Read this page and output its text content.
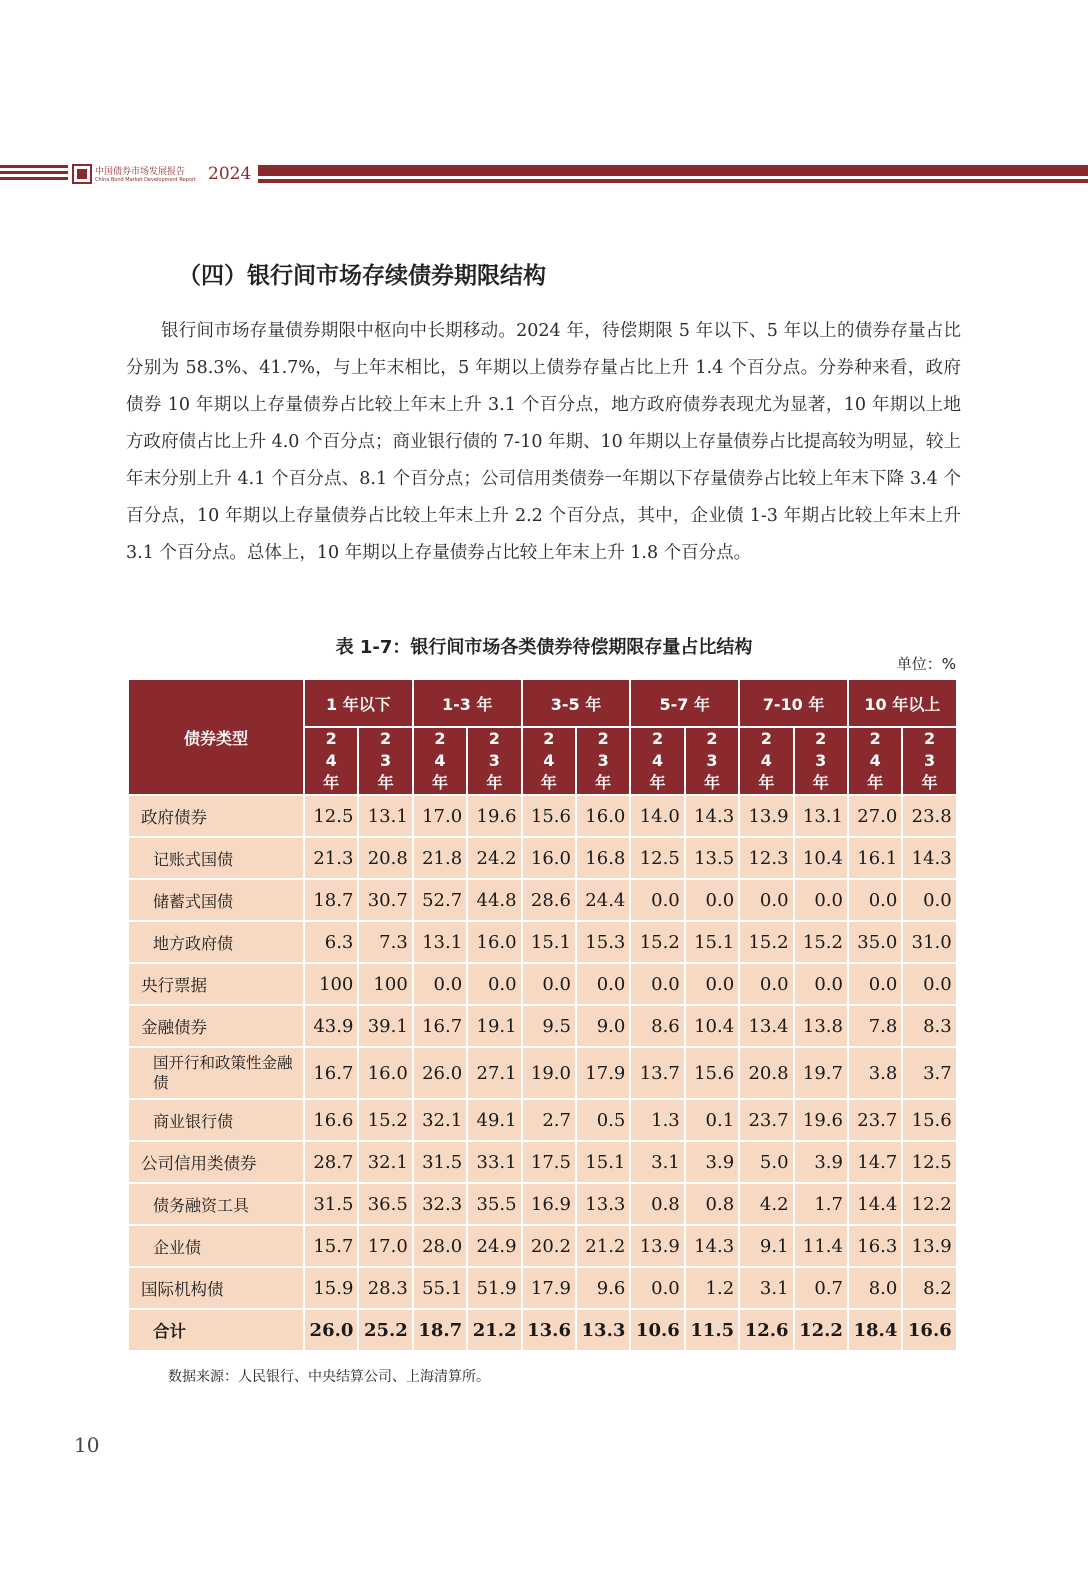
中国债券市场发展报告
China Bond Market Development Report 2024
（四）银行间市场存续债券期限结构

银行间市场存量债券期限中枢向中长期移动。2024 年，待偿期限 5 年以下、5 年以上的债券存量占比分别为 58.3%、41.7%，与上年末相比，5 年期以上债券存量占比上升 1.4 个百分点。分券种来看，政府债券 10 年期以上存量债券占比较上年末上升 3.1 个百分点，地方政府债券表现尤为显著，10 年期以上地方政府债占比上升 4.0 个百分点；商业银行债的 7-10 年期、10 年期以上存量债券占比提高较为明显，较上年末分别上升 4.1 个百分点、8.1 个百分点；公司信用类债券一年期以下存量债券占比较上年末下降 3.4 个百分点，10 年期以上存量债券占比较上年末上升 2.2 个百分点，其中，企业债 1-3 年期占比较上年末上升 3.1 个百分点。总体上，10 年期以上存量债券占比较上年末上升 1.8 个百分点。

表 1-7：银行间市场各类债券待偿期限存量占比结构
单位：%
债券类型	1 年以下		1-3 年		3-5 年		5-7 年		7-10 年		10 年以上	
	24年	23年	24年	23年	24年	23年	24年	23年	24年	23年	24年	23年
政府债券	12.5	13.1	17.0	19.6	15.6	16.0	14.0	14.3	13.9	13.1	27.0	23.8
记账式国债	21.3	20.8	21.8	24.2	16.0	16.8	12.5	13.5	12.3	10.4	16.1	14.3
储蓄式国债	18.7	30.7	52.7	44.8	28.6	24.4	0.0	0.0	0.0	0.0	0.0	0.0
地方政府债	6.3	7.3	13.1	16.0	15.1	15.3	15.2	15.1	15.2	15.2	35.0	31.0
央行票据	100	100	0.0	0.0	0.0	0.0	0.0	0.0	0.0	0.0	0.0	0.0
金融债券	43.9	39.1	16.7	19.1	9.5	9.0	8.6	10.4	13.4	13.8	7.8	8.3
国开行和政策性金融债	16.7	16.0	26.0	27.1	19.0	17.9	13.7	15.6	20.8	19.7	3.8	3.7
商业银行债	16.6	15.2	32.1	49.1	2.7	0.5	1.3	0.1	23.7	19.6	23.7	15.6
公司信用类债券	28.7	32.1	31.5	33.1	17.5	15.1	3.1	3.9	5.0	3.9	14.7	12.5
债务融资工具	31.5	36.5	32.3	35.5	16.9	13.3	0.8	0.8	4.2	1.7	14.4	12.2
企业债	15.7	17.0	28.0	24.9	20.2	21.2	13.9	14.3	9.1	11.4	16.3	13.9
国际机构债	15.9	28.3	55.1	51.9	17.9	9.6	0.0	1.2	3.1	0.7	8.0	8.2
合计	26.0	25.2	18.7	21.2	13.6	13.3	10.6	11.5	12.6	12.2	18.4	16.6
数据来源：人民银行、中央结算公司、上海清算所。
10
